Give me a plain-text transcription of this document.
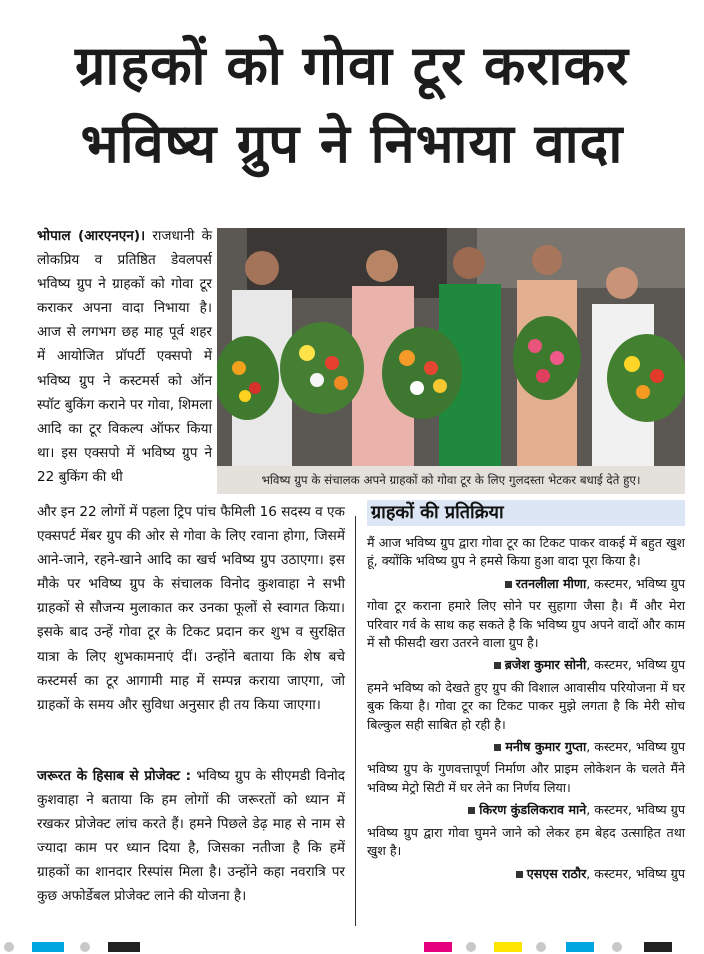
ग्राहकों को गोवा टूर कराकर
भविष्य ग्रुप ने निभाया वादा
भोपाल (आरएनएन)। राजधानी के लोकप्रिय व प्रतिष्ठित डेवलपर्स भविष्य ग्रुप ने ग्राहकों को गोवा टूर कराकर अपना वादा निभाया है। आज से लगभग छह माह पूर्व शहर में आयोजित प्रॉपर्टी एक्सपो में भविष्य ग्रुप ने कस्टमर्स को ऑन स्पॉट बुकिंग कराने पर गोवा, शिमला आदि का टूर विकल्प ऑफर किया था। इस एक्सपो में भविष्य ग्रुप ने 22 बुकिंग की थी	भविष्य ग्रुप के संचालक अपने ग्राहकों को गोवा टूर के लिए गुलदस्ता भेटकर बधाई देते हुए।
और इन 22 लोगों में पहला ट्रिप पांच फैमिली 16 सदस्य व एक एक्सपर्ट मेंबर ग्रुप की ओर से गोवा के लिए रवाना होगा, जिसमें आने-जाने, रहने-खाने आदि का खर्च भविष्य ग्रुप उठाएगा। इस मौके पर भविष्य ग्रुप के संचालक विनोद कुशवाहा ने सभी ग्राहकों से सौजन्य मुलाकात कर उनका फूलों से स्वागत किया। इसके बाद उन्हें गोवा टूर के टिकट प्रदान कर शुभ व सुरक्षित यात्रा के लिए शुभकामनाएं दीं। उन्होंने बताया कि शेष बचे कस्टमर्स का टूर आगामी माह में सम्पन्न कराया जाएगा, जो ग्राहकों के समय और सुविधा अनुसार ही तय किया जाएगा।
जरूरत के हिसाब से प्रोजेक्ट : भविष्य ग्रुप के सीएमडी विनोद कुशवाहा ने बताया कि हम लोगों की जरूरतों को ध्यान में रखकर प्रोजेक्ट लांच करते हैं। हमने पिछले डेढ़ माह से नाम से ज्यादा काम पर ध्यान दिया है, जिसका नतीजा है कि हमें ग्राहकों का शानदार रिस्पांस मिला है। उन्होंने कहा नवरात्रि पर कुछ अफोर्डेबल प्रोजेक्ट लाने की योजना है।
ग्राहकों की प्रतिक्रिया

मैं आज भविष्य ग्रुप द्वारा गोवा टूर का टिकट पाकर वाकई में बहुत खुश हूं, क्योंकि भविष्य ग्रुप ने हमसे किया हुआ वादा पूरा किया है।

रतनलीला मीणा, कस्टमर, भविष्य ग्रुप

गोवा टूर कराना हमारे लिए सोने पर सुहागा जैसा है। मैं और मेरा परिवार गर्व के साथ कह सकते है कि भविष्य ग्रुप अपने वादों और काम में सौ फीसदी खरा उतरने वाला ग्रुप है।

ब्रजेश कुमार सोनी, कस्टमर, भविष्य ग्रुप

हमने भविष्य को देखते हुए ग्रुप की विशाल आवासीय परियोजना में घर बुक किया है। गोवा टूर का टिकट पाकर मुझे लगता है कि मेरी सोच बिल्कुल सही साबित हो रही है।

मनीष कुमार गुप्ता, कस्टमर, भविष्य ग्रुप

भविष्य ग्रुप के गुणवत्तापूर्ण निर्माण और प्राइम लोकेशन के चलते मैंने भविष्य मेट्रो सिटी में घर लेने का निर्णय लिया।

किरण कुंडलिकराव माने, कस्टमर, भविष्य ग्रुप

भविष्य ग्रुप द्वारा गोवा घुमने जाने को लेकर हम बेहद उत्साहित तथा खुश है।

एसएस राठौर, कस्टमर, भविष्य ग्रुप
